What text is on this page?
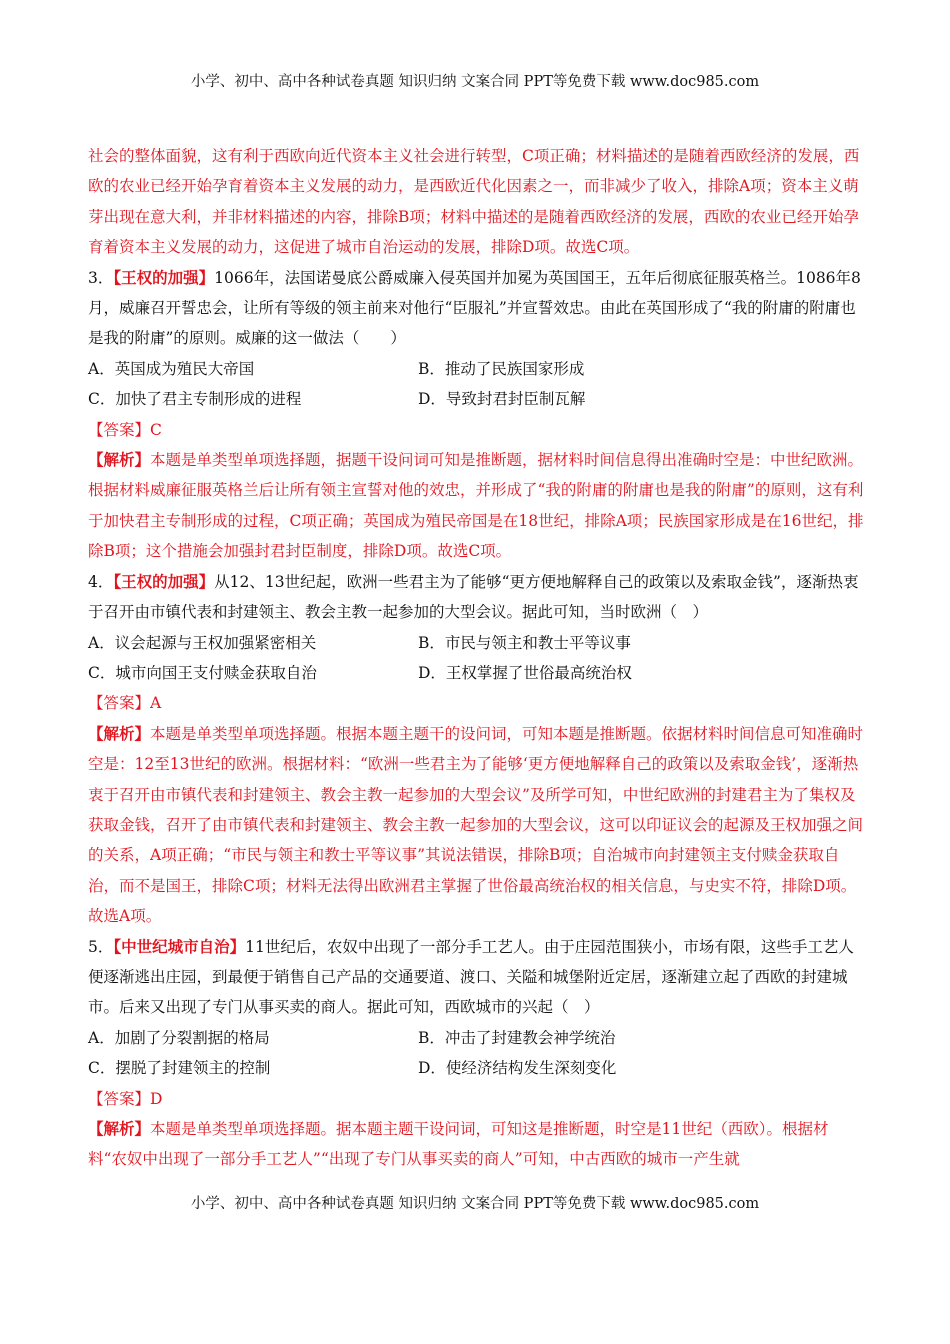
小学、初中、高中各种试卷真题 知识归纳 文案合同 PPT等免费下载 www.doc985.com

社会的整体面貌，这有利于西欧向近代资本主义社会进行转型，C项正确；材料描述的是随着西欧经济的发展，西欧的农业已经开始孕育着资本主义发展的动力，是西欧近代化因素之一，而非减少了收入，排除A项；资本主义萌芽出现在意大利，并非材料描述的内容，排除B项；材料中描述的是随着西欧经济的发展，西欧的农业已经开始孕育着资本主义发展的动力，这促进了城市自治运动的发展，排除D项。故选C项。

3．【王权的加强】1066年，法国诺曼底公爵威廉入侵英国并加冕为英国国王，五年后彻底征服英格兰。1086年8月，威廉召开誓忠会，让所有等级的领主前来对他行“臣服礼”并宣誓效忠。由此在英国形成了“我的附庸的附庸也是我的附庸”的原则。威廉的这一做法（　　）

A．英国成为殖民大帝国	B．推动了民族国家形成
C．加快了君主专制形成的进程	D．导致封君封臣制瓦解

【答案】C

【解析】本题是单类型单项选择题，据题干设问词可知是推断题，据材料时间信息得出准确时空是：中世纪欧洲。根据材料威廉征服英格兰后让所有领主宣誓对他的效忠，并形成了“我的附庸的附庸也是我的附庸”的原则，这有利于加快君主专制形成的过程，C项正确；英国成为殖民帝国是在18世纪，排除A项；民族国家形成是在16世纪，排除B项；这个措施会加强封君封臣制度，排除D项。故选C项。

4．【王权的加强】从12、13世纪起，欧洲一些君主为了能够“更方便地解释自己的政策以及索取金钱”，逐渐热衷于召开由市镇代表和封建领主、教会主教一起参加的大型会议。据此可知，当时欧洲（　）

A．议会起源与王权加强紧密相关	B．市民与领主和教士平等议事
C．城市向国王支付赎金获取自治	D．王权掌握了世俗最高统治权

【答案】A

【解析】本题是单类型单项选择题。根据本题主题干的设问词，可知本题是推断题。依据材料时间信息可知准确时空是：12至13世纪的欧洲。根据材料：“欧洲一些君主为了能够‘更方便地解释自己的政策以及索取金钱’，逐渐热衷于召开由市镇代表和封建领主、教会主教一起参加的大型会议”及所学可知，中世纪欧洲的封建君主为了集权及获取金钱，召开了由市镇代表和封建领主、教会主教一起参加的大型会议，这可以印证议会的起源及王权加强之间的关系，A项正确；“市民与领主和教士平等议事”其说法错误，排除B项；自治城市向封建领主支付赎金获取自治，而不是国王，排除C项；材料无法得出欧洲君主掌握了世俗最高统治权的相关信息，与史实不符，排除D项。故选A项。

5．【中世纪城市自治】11世纪后，农奴中出现了一部分手工艺人。由于庄园范围狭小，市场有限，这些手工艺人便逐渐逃出庄园，到最便于销售自己产品的交通要道、渡口、关隘和城堡附近定居，逐渐建立起了西欧的封建城市。后来又出现了专门从事买卖的商人。据此可知，西欧城市的兴起（　）

A．加剧了分裂割据的格局	B．冲击了封建教会神学统治
C．摆脱了封建领主的控制	D．使经济结构发生深刻变化

【答案】D

【解析】本题是单类型单项选择题。据本题主题干设问词，可知这是推断题，时空是11世纪（西欧）。根据材料“农奴中出现了一部分手工艺人”“出现了专门从事买卖的商人”可知，中古西欧的城市一产生就

小学、初中、高中各种试卷真题 知识归纳 文案合同 PPT等免费下载 www.doc985.com
